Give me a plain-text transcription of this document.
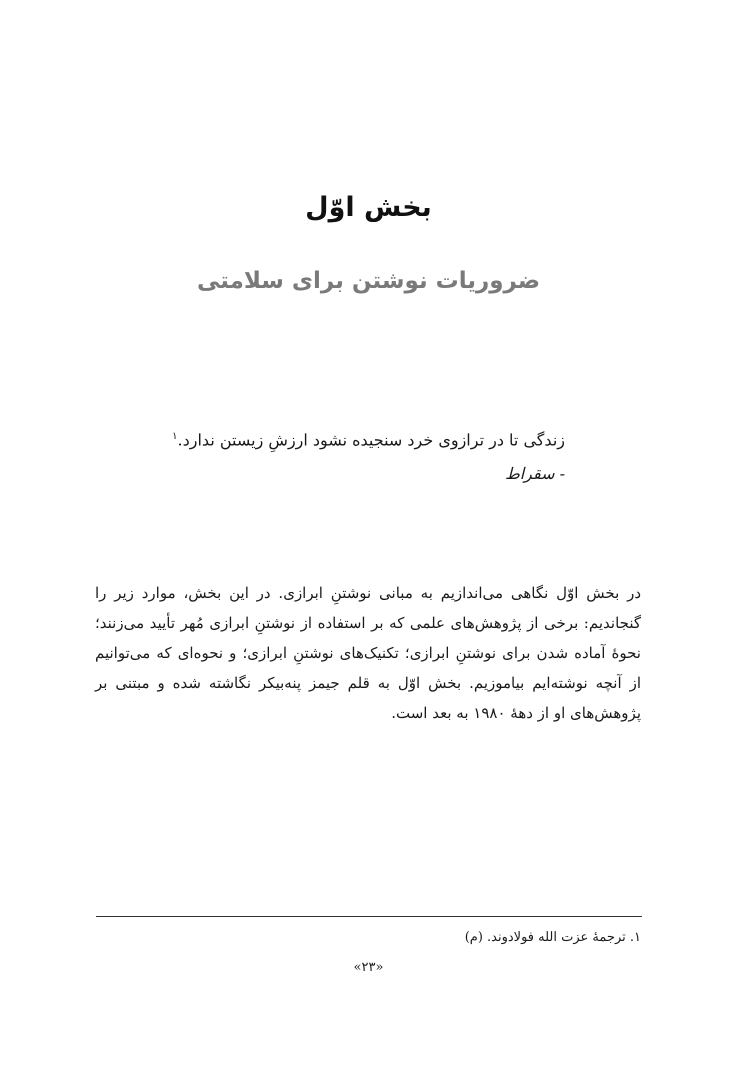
بخش اوّل
ضروریات نوشتن برای سلامتی
زندگی تا در ترازوی خرد سنجیده نشود ارزشِ زیستن ندارد.$^۱$
- سقراط

در بخش اوّل نگاهی می‌اندازیم به مبانی نوشتنِ ابرازی. در این بخش، موارد زیر را گنجاندیم: برخی از پژوهش‌های علمی که بر استفاده از نوشتنِ ابرازی مُهر تأیید می‌زنند؛ نحوهٔ آماده شدن برای نوشتنِ ابرازی؛ تکنیک‌های نوشتنِ ابرازی؛ و نحوه‌ای که می‌توانیم از آنچه نوشته‌ایم بیاموزیم. بخش اوّل به قلم جیمز پنه‌بیکر نگاشته شده و مبتنی بر پژوهش‌های او از دههٔ ۱۹۸۰ به بعد است.

۱. ترجمهٔ عزت الله فولادوند. (م)
«۲۳»
